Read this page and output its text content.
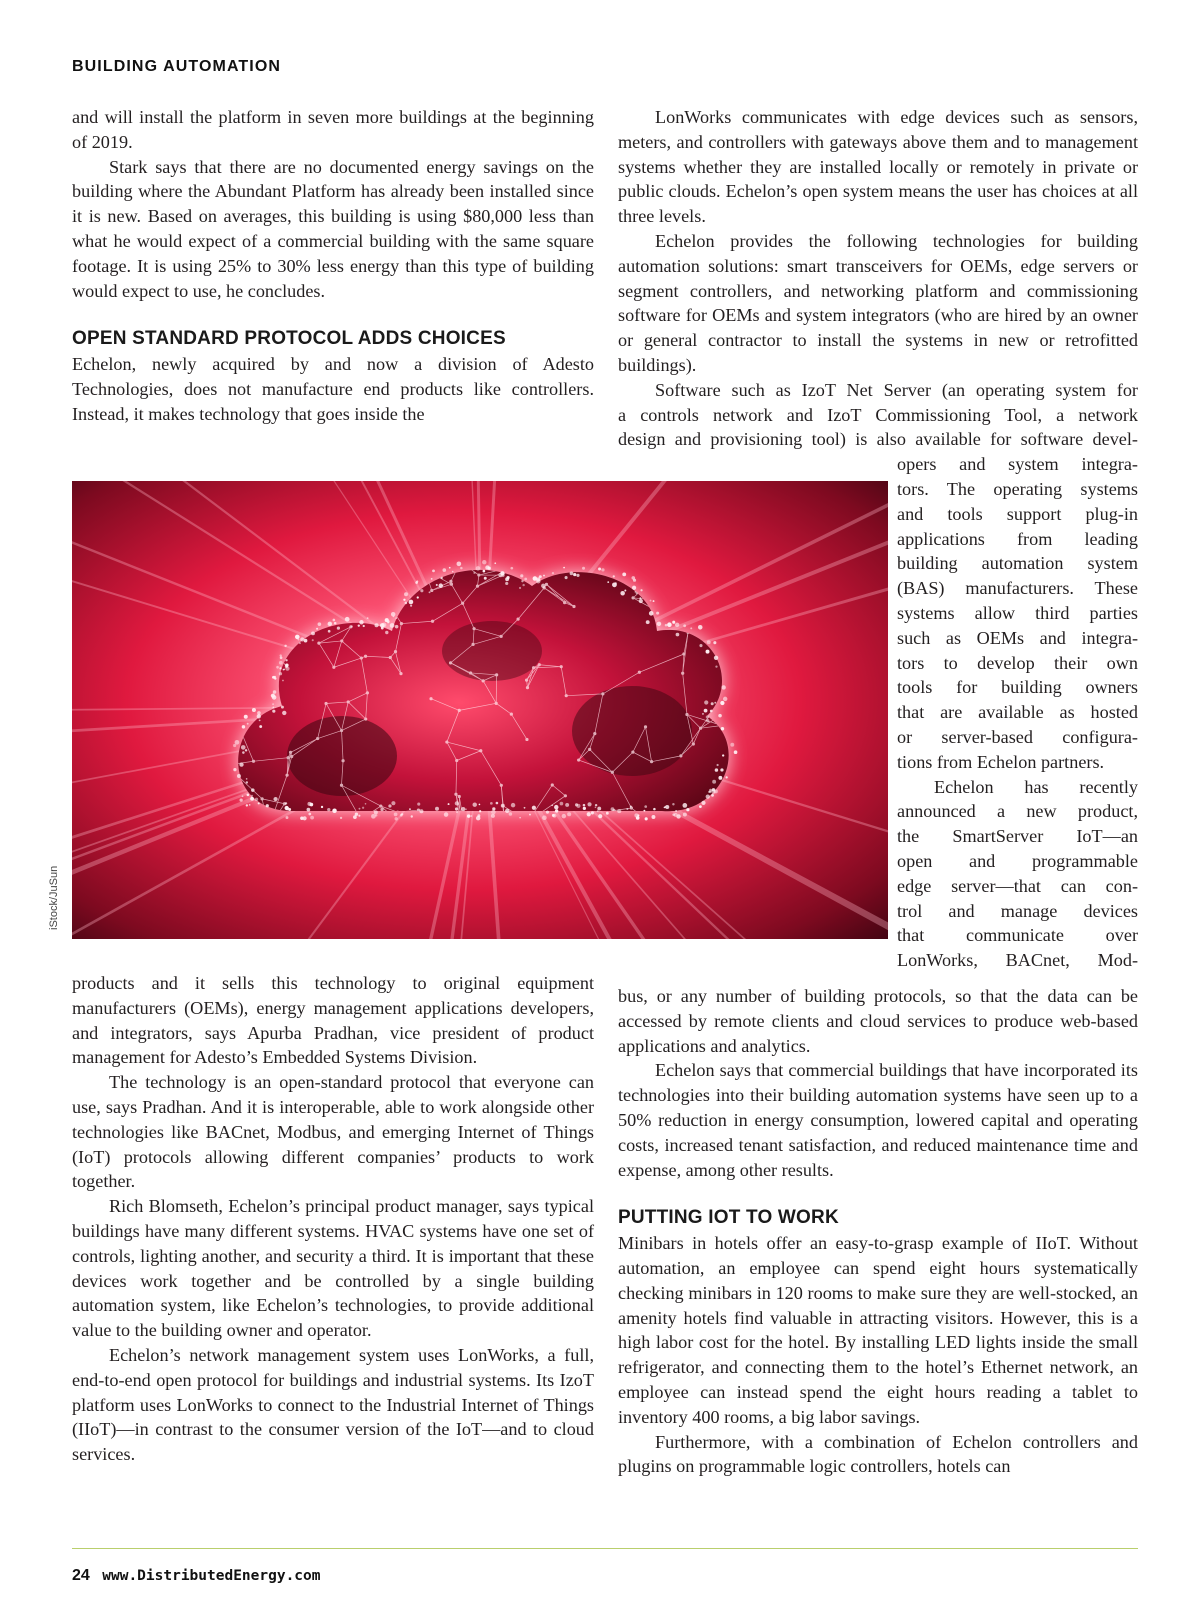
BUILDING AUTOMATION

and will install the platform in seven more buildings at the beginning of 2019.

Stark says that there are no documented energy savings on the building where the Abundant Platform has already been installed since it is new. Based on averages, this building is using $80,000 less than what he would expect of a commercial building with the same square footage. It is using 25% to 30% less energy than this type of building would expect to use, he concludes.

OPEN STANDARD PROTOCOL ADDS CHOICES

Echelon, newly acquired by and now a division of Adesto Technologies, does not manufacture end products like controllers. Instead, it makes technology that goes inside the

iStock/JuSun

products and it sells this technology to original equipment manufacturers (OEMs), energy management applications developers, and integrators, says Apurba Pradhan, vice president of product management for Adesto’s Embedded Systems Division.

The technology is an open-standard protocol that everyone can use, says Pradhan. And it is interoperable, able to work alongside other technologies like BACnet, Modbus, and emerging Internet of Things (IoT) protocols allowing different companies’ products to work together.

Rich Blomseth, Echelon’s principal product manager, says typical buildings have many different systems. HVAC systems have one set of controls, lighting another, and security a third. It is important that these devices work together and be controlled by a single building automation system, like Echelon’s technologies, to provide additional value to the building owner and operator.

Echelon’s network management system uses LonWorks, a full, end-to-end open protocol for buildings and industrial systems. Its IzoT platform uses LonWorks to connect to the Industrial Internet of Things (IIoT)—in contrast to the consumer version of the IoT—and to cloud services.

LonWorks communicates with edge devices such as sensors, meters, and controllers with gateways above them and to management systems whether they are installed locally or remotely in private or public clouds. Echelon’s open system means the user has choices at all three levels.

Echelon provides the following technologies for building automation solutions: smart transceivers for OEMs, edge servers or segment controllers, and networking platform and commissioning software for OEMs and system integrators (who are hired by an owner or general contractor to install the systems in new or retrofitted buildings).

Software such as IzoT Net Server (an operating system for
a controls network and IzoT Commissioning Tool, a network
design and provisioning tool) is also available for software devel-
opers and system integra-
tors. The operating systems
and tools support plug-in
applications from leading
building automation system
(BAS) manufacturers. These
systems allow third parties
such as OEMs and integra-
tors to develop their own
tools for building owners
that are available as hosted
or server-based configura-
tions from Echelon partners.
Echelon has recently
announced a new product,
the SmartServer IoT—an
open and programmable
edge server—that can con-
trol and manage devices
that communicate over
LonWorks, BACnet, Mod-

bus, or any number of building protocols, so that the data can be accessed by remote clients and cloud services to produce web-based applications and analytics.

Echelon says that commercial buildings that have incorporated its technologies into their building automation systems have seen up to a 50% reduction in energy consumption, lowered capital and operating costs, increased tenant satisfaction, and reduced maintenance time and expense, among other results.

PUTTING IOT TO WORK

Minibars in hotels offer an easy-to-grasp example of IIoT. Without automation, an employee can spend eight hours systematically checking minibars in 120 rooms to make sure they are well-stocked, an amenity hotels find valuable in attracting visitors. However, this is a high labor cost for the hotel. By installing LED lights inside the small refrigerator, and connecting them to the hotel’s Ethernet network, an employee can instead spend the eight hours reading a tablet to inventory 400 rooms, a big labor savings.

Furthermore, with a combination of Echelon controllers and plugins on programmable logic controllers, hotels can

24 www.DistributedEnergy.com
